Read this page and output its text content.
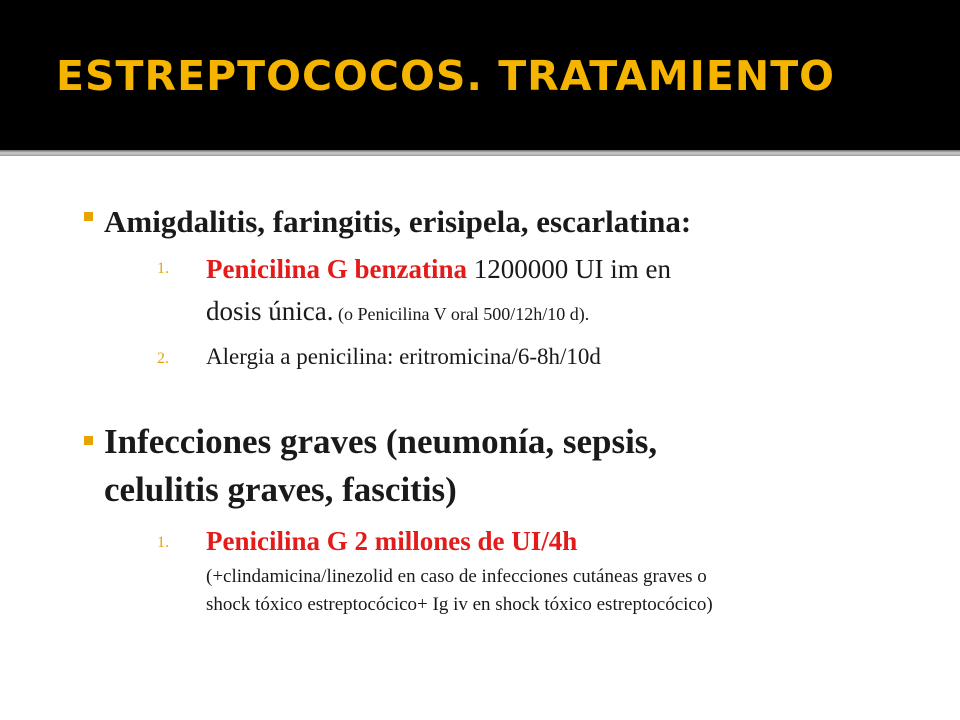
ESTREPTOCOCOS. TRATAMIENTO
Amigdalitis, faringitis, erisipela, escarlatina:
1. Penicilina G benzatina 1200000 UI im en
dosis única. (o Penicilina V oral 500/12h/10 d).
2. Alergia a penicilina: eritromicina/6-8h/10d
Infecciones graves (neumonía, sepsis,
celulitis graves, fascitis)
1. Penicilina G 2 millones de UI/4h
(+clindamicina/linezolid en caso de infecciones cutáneas graves o
shock tóxico estreptocócico+ Ig iv en shock tóxico estreptocócico)
